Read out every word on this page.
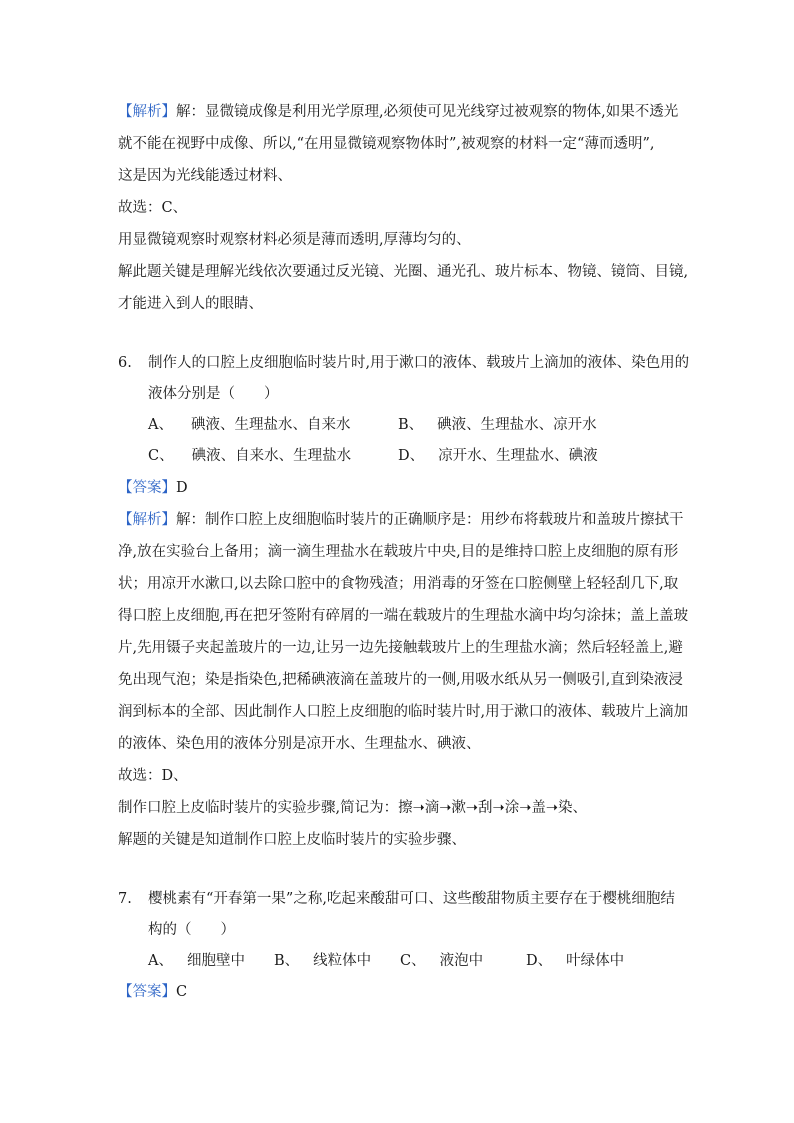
【解析】解：显微镜成像是利用光学原理,必须使可见光线穿过被观察的物体,如果不透光
就不能在视野中成像、所以,“在用显微镜观察物体时”,被观察的材料一定“薄而透明”,
这是因为光线能透过材料、
故选：C、
用显微镜观察时观察材料必须是薄而透明,厚薄均匀的、
解此题关键是理解光线依次要通过反光镜、光圈、通光孔、玻片标本、物镜、镜筒、目镜,
才能进入到人的眼睛、
6. 制作人的口腔上皮细胞临时装片时,用于漱口的液体、载玻片上滴加的液体、染色用的
液体分别是（　　）
A、 碘液、生理盐水、自来水	B、 碘液、生理盐水、凉开水
C、 碘液、自来水、生理盐水	D、 凉开水、生理盐水、碘液
【答案】D
【解析】解：制作口腔上皮细胞临时装片的正确顺序是：用纱布将载玻片和盖玻片擦拭干
净,放在实验台上备用；滴一滴生理盐水在载玻片中央,目的是维持口腔上皮细胞的原有形
状；用凉开水漱口,以去除口腔中的食物残渣；用消毒的牙签在口腔侧壁上轻轻刮几下,取
得口腔上皮细胞,再在把牙签附有碎屑的一端在载玻片的生理盐水滴中均匀涂抹；盖上盖玻
片,先用镊子夹起盖玻片的一边,让另一边先接触载玻片上的生理盐水滴；然后轻轻盖上,避
免出现气泡；染是指染色,把稀碘液滴在盖玻片的一侧,用吸水纸从另一侧吸引,直到染液浸
润到标本的全部、因此制作人口腔上皮细胞的临时装片时,用于漱口的液体、载玻片上滴加
的液体、染色用的液体分别是凉开水、生理盐水、碘液、
故选：D、
制作口腔上皮临时装片的实验步骤,简记为：擦➝滴➝漱➝刮➝涂➝盖➝染、
解题的关键是知道制作口腔上皮临时装片的实验步骤、
7. 樱桃素有“开春第一果”之称,吃起来酸甜可口、这些酸甜物质主要存在于樱桃细胞结
构的（　　）
A、 细胞壁中 B、 线粒体中 C、 液泡中	D、 叶绿体中
【答案】C
